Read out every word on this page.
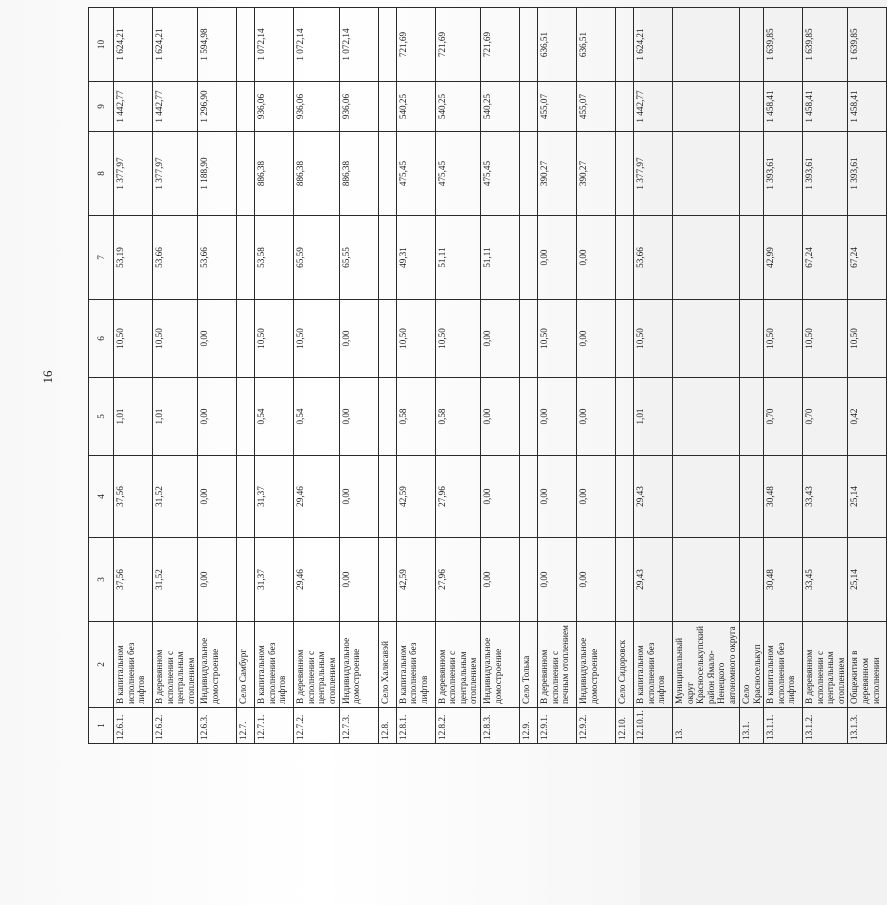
16
1	2	3	4	5	6	7	8	9	10
12.6.1.	В капитальном исполнении без лифтов	37,56	37,56	1,01	10,50	53,19	1 377,97	1 442,77	1 624,21
12.6.2.	В деревянном исполнении с центральным отоплением	31,52	31,52	1,01	10,50	53,66	1 377,97	1 442,77	1 624,21
12.6.3.	Индивидуальное домостроение	0,00	0,00	0,00	0,00	53,66	1 188,90	1 296,90	1 594,98
12.7.	Село Самбург								
12.7.1.	В капитальном исполнении без лифтов	31,37	31,37	0,54	10,50	53,58	886,38	936,06	1 072,14
12.7.2.	В деревянном исполнении с центральным отоплением	29,46	29,46	0,54	10,50	65,59	886,38	936,06	1 072,14
12.7.3.	Индивидуальное домостроение	0,00	0,00	0,00	0,00	65,55	886,38	936,06	1 072,14
12.8.	Село Халясавэй								
12.8.1.	В капитальном исполнении без лифтов	42,59	42,59	0,58	10,50	49,31	475,45	540,25	721,69
12.8.2.	В деревянном исполнении с центральным отоплением	27,96	27,96	0,58	10,50	51,11	475,45	540,25	721,69
12.8.3.	Индивидуальное домостроение	0,00	0,00	0,00	0,00	51,11	475,45	540,25	721,69
12.9.	Село Толька								
12.9.1.	В деревянном исполнении с печным отоплением	0,00	0,00	0,00	10,50	0,00	390,27	455,07	636,51
12.9.2.	Индивидуальное домостроение	0,00	0,00	0,00	0,00	0,00	390,27	455,07	636,51
12.10.	Село Сидоровск								
12.10.1.	В капитальном исполнении без лифтов	29,43	29,43	1,01	10,50	53,66	1 377,97	1 442,77	1 624,21
13.	Муниципальный округ Красноселькупский район Ямало-Ненецкого автономного округа								
13.1.	Село Красноселькуп								
13.1.1.	В капитальном исполнении без лифтов	30,48	30,48	0,70	10,50	42,99	1 393,61	1 458,41	1 639,85
13.1.2.	В деревянном исполнении с центральным отоплением	33,45	33,43	0,70	10,50	67,24	1 393,61	1 458,41	1 639,85
13.1.3.	Общежития в деревянном исполнении	25,14	25,14	0,42	10,50	67,24	1 393,61	1 458,41	1 639,85
